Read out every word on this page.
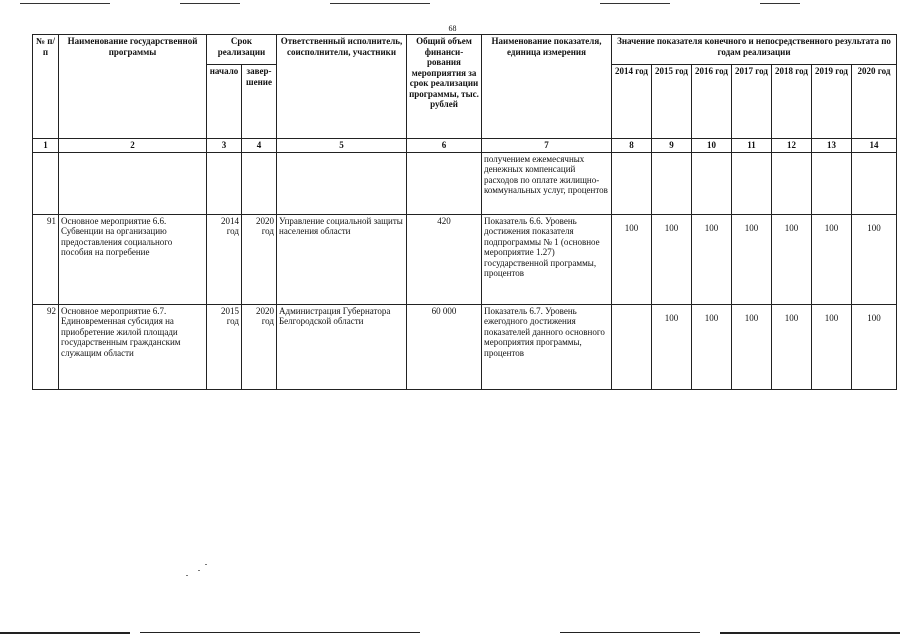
68
№ п/п	Наименование государственной программы	Срок реализации		Ответственный исполнитель, соисполнители, участники	Общий объем финанси-рования мероприятия за срок реализации программы, тыс. рублей	Наименование показателя, единица измерения	Значение показателя конечного и непосредственного результата по годам реализации						
		начало	завер-шение				2014 год	2015 год	2016 год	2017 год	2018 год	2019 год	2020 год
1	2	3	4	5	6	7	8	9	10	11	12	13	14
						получением ежемесячных денежных компенсаций расходов по оплате жилищно-коммунальных услуг, процентов							
91	Основное мероприятие 6.6. Субвенции на организацию предоставления социального пособия на погребение	2014 год	2020 год	Управление социальной защиты населения области	420	Показатель 6.6. Уровень достижения показателя подпрограммы № 1 (основное мероприятие 1.27) государственной программы, процентов	100	100	100	100	100	100	100
92	Основное мероприятие 6.7. Единовременная субсидия на приобретение жилой площади государственным гражданским служащим области	2015 год	2020 год	Администрация Губернатора Белгородской области	60 000	Показатель 6.7. Уровень ежегодного достижения показателей данного основного мероприятия программы, процентов		100	100	100	100	100	100
